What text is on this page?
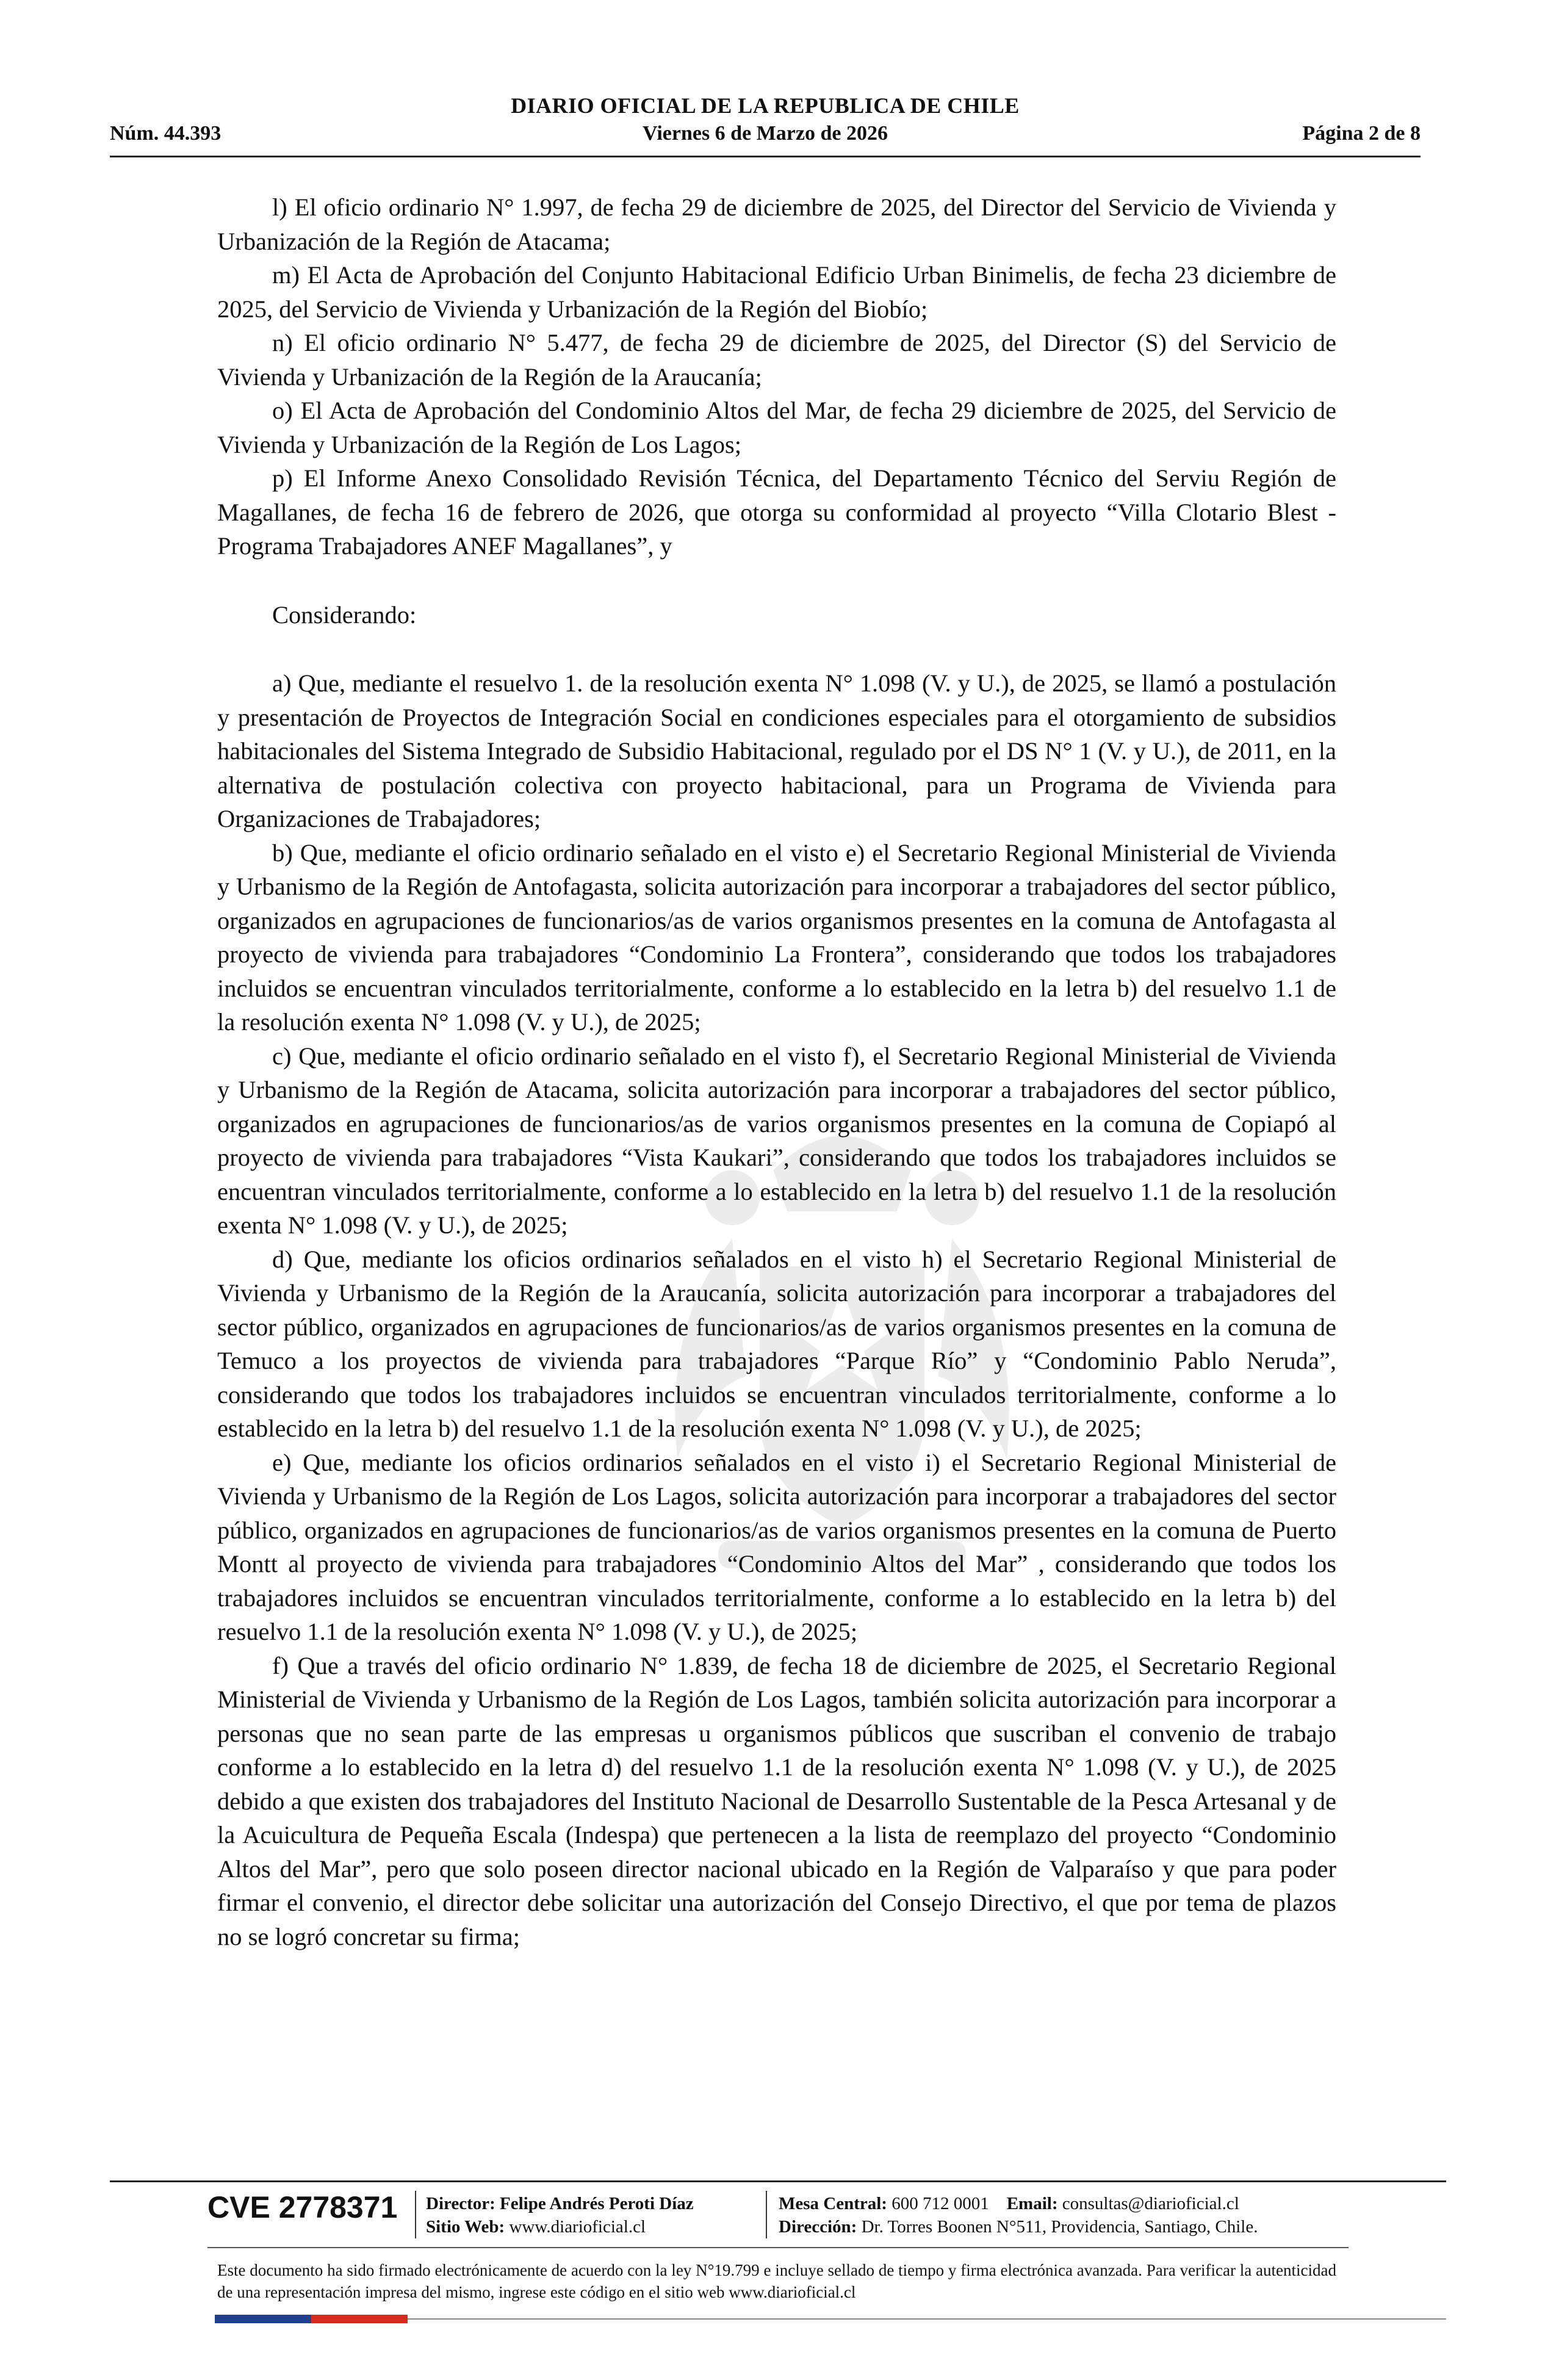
DIARIO OFICIAL DE LA REPUBLICA DE CHILE
Núm. 44.393	Viernes 6 de Marzo de 2026	Página 2 de 8

l) El oficio ordinario N° 1.997, de fecha 29 de diciembre de 2025, del Director del Servicio de Vivienda y Urbanización de la Región de Atacama;

m) El Acta de Aprobación del Conjunto Habitacional Edificio Urban Binimelis, de fecha 23 diciembre de 2025, del Servicio de Vivienda y Urbanización de la Región del Biobío;

n) El oficio ordinario N° 5.477, de fecha 29 de diciembre de 2025, del Director (S) del Servicio de Vivienda y Urbanización de la Región de la Araucanía;

o) El Acta de Aprobación del Condominio Altos del Mar, de fecha 29 diciembre de 2025, del Servicio de Vivienda y Urbanización de la Región de Los Lagos;

p) El Informe Anexo Consolidado Revisión Técnica, del Departamento Técnico del Serviu Región de Magallanes, de fecha 16 de febrero de 2026, que otorga su conformidad al proyecto “Villa Clotario Blest - Programa Trabajadores ANEF Magallanes”, y

Considerando:

a) Que, mediante el resuelvo 1. de la resolución exenta N° 1.098 (V. y U.), de 2025, se llamó a postulación y presentación de Proyectos de Integración Social en condiciones especiales para el otorgamiento de subsidios habitacionales del Sistema Integrado de Subsidio Habitacional, regulado por el DS N° 1 (V. y U.), de 2011, en la alternativa de postulación colectiva con proyecto habitacional, para un Programa de Vivienda para Organizaciones de Trabajadores;

b) Que, mediante el oficio ordinario señalado en el visto e) el Secretario Regional Ministerial de Vivienda y Urbanismo de la Región de Antofagasta, solicita autorización para incorporar a trabajadores del sector público, organizados en agrupaciones de funcionarios/as de varios organismos presentes en la comuna de Antofagasta al proyecto de vivienda para trabajadores “Condominio La Frontera”, considerando que todos los trabajadores incluidos se encuentran vinculados territorialmente, conforme a lo establecido en la letra b) del resuelvo 1.1 de la resolución exenta N° 1.098 (V. y U.), de 2025;

c) Que, mediante el oficio ordinario señalado en el visto f), el Secretario Regional Ministerial de Vivienda y Urbanismo de la Región de Atacama, solicita autorización para incorporar a trabajadores del sector público, organizados en agrupaciones de funcionarios/as de varios organismos presentes en la comuna de Copiapó al proyecto de vivienda para trabajadores “Vista Kaukari”, considerando que todos los trabajadores incluidos se encuentran vinculados territorialmente, conforme a lo establecido en la letra b) del resuelvo 1.1 de la resolución exenta N° 1.098 (V. y U.), de 2025;

d) Que, mediante los oficios ordinarios señalados en el visto h) el Secretario Regional Ministerial de Vivienda y Urbanismo de la Región de la Araucanía, solicita autorización para incorporar a trabajadores del sector público, organizados en agrupaciones de funcionarios/as de varios organismos presentes en la comuna de Temuco a los proyectos de vivienda para trabajadores “Parque Río” y “Condominio Pablo Neruda”, considerando que todos los trabajadores incluidos se encuentran vinculados territorialmente, conforme a lo establecido en la letra b) del resuelvo 1.1 de la resolución exenta N° 1.098 (V. y U.), de 2025;

e) Que, mediante los oficios ordinarios señalados en el visto i) el Secretario Regional Ministerial de Vivienda y Urbanismo de la Región de Los Lagos, solicita autorización para incorporar a trabajadores del sector público, organizados en agrupaciones de funcionarios/as de varios organismos presentes en la comuna de Puerto Montt al proyecto de vivienda para trabajadores “Condominio Altos del Mar” , considerando que todos los trabajadores incluidos se encuentran vinculados territorialmente, conforme a lo establecido en la letra b) del resuelvo 1.1 de la resolución exenta N° 1.098 (V. y U.), de 2025;

f) Que a través del oficio ordinario N° 1.839, de fecha 18 de diciembre de 2025, el Secretario Regional Ministerial de Vivienda y Urbanismo de la Región de Los Lagos, también solicita autorización para incorporar a personas que no sean parte de las empresas u organismos públicos que suscriban el convenio de trabajo conforme a lo establecido en la letra d) del resuelvo 1.1 de la resolución exenta N° 1.098 (V. y U.), de 2025 debido a que existen dos trabajadores del Instituto Nacional de Desarrollo Sustentable de la Pesca Artesanal y de la Acuicultura de Pequeña Escala (Indespa) que pertenecen a la lista de reemplazo del proyecto “Condominio Altos del Mar”, pero que solo poseen director nacional ubicado en la Región de Valparaíso y que para poder firmar el convenio, el director debe solicitar una autorización del Consejo Directivo, el que por tema de plazos no se logró concretar su firma;

CVE 2778371 Director: Felipe Andrés Peroti Díaz
Sitio Web: www.diarioficial.cl
Mesa Central: 600 712 0001 Email: consultas@diarioficial.cl
Dirección: Dr. Torres Boonen N°511, Providencia, Santiago, Chile.
Este documento ha sido firmado electrónicamente de acuerdo con la ley N°19.799 e incluye sellado de tiempo y firma electrónica avanzada. Para verificar la autenticidad de una representación impresa del mismo, ingrese este código en el sitio web www.diarioficial.cl
